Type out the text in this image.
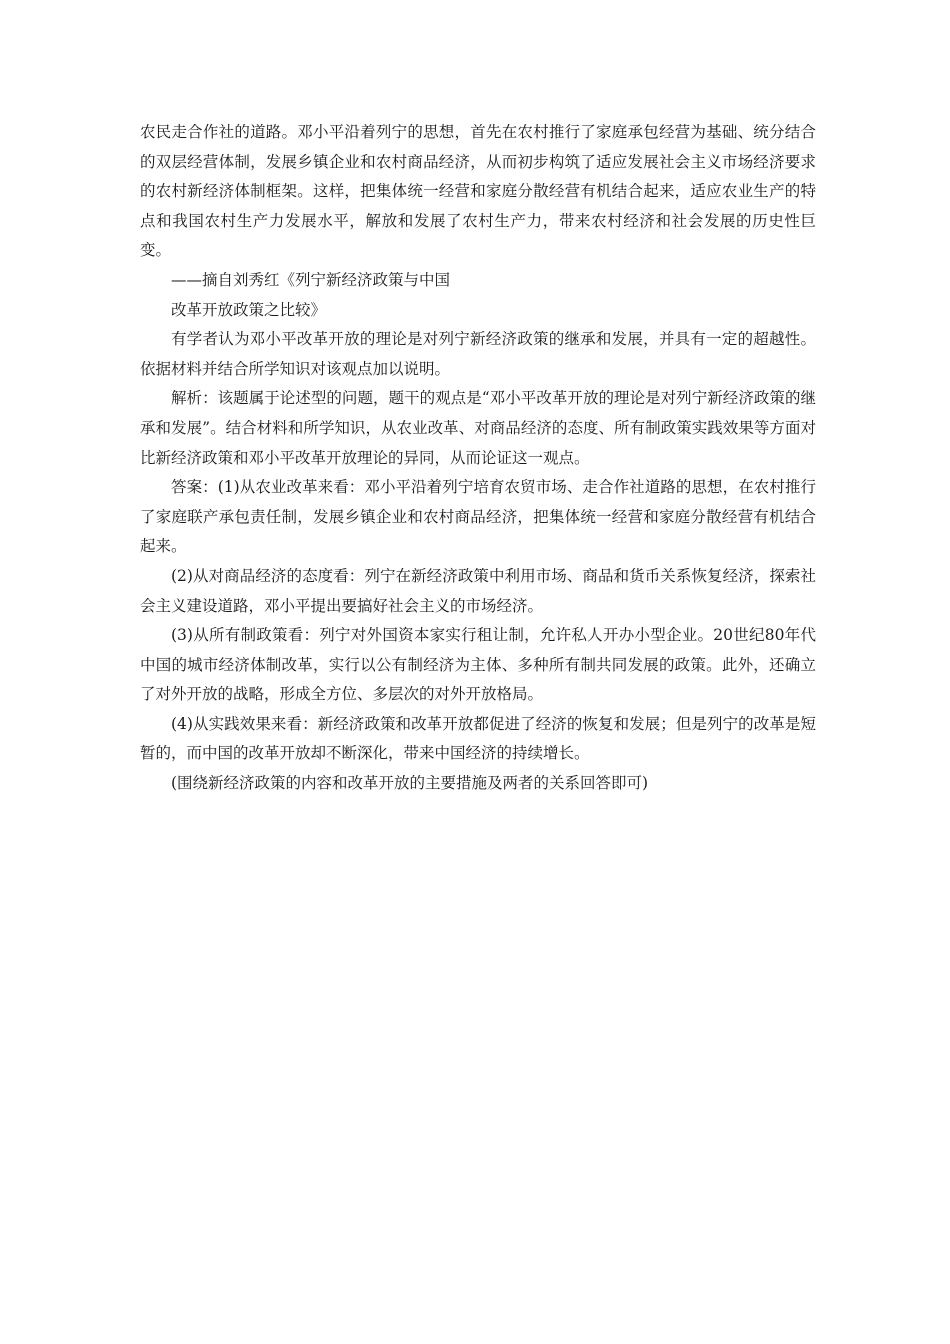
农民走合作社的道路。邓小平沿着列宁的思想，首先在农村推行了家庭承包经营为基础、统分结合的双层经营体制，发展乡镇企业和农村商品经济，从而初步构筑了适应发展社会主义市场经济要求的农村新经济体制框架。这样，把集体统一经营和家庭分散经营有机结合起来，适应农业生产的特点和我国农村生产力发展水平，解放和发展了农村生产力，带来农村经济和社会发展的历史性巨变。

——摘自刘秀红《列宁新经济政策与中国

改革开放政策之比较》

有学者认为邓小平改革开放的理论是对列宁新经济政策的继承和发展，并具有一定的超越性。依据材料并结合所学知识对该观点加以说明。

解析：该题属于论述型的问题，题干的观点是“邓小平改革开放的理论是对列宁新经济政策的继承和发展”。结合材料和所学知识，从农业改革、对商品经济的态度、所有制政策实践效果等方面对比新经济政策和邓小平改革开放理论的异同，从而论证这一观点。

答案：(1)从农业改革来看：邓小平沿着列宁培育农贸市场、走合作社道路的思想，在农村推行了家庭联产承包责任制，发展乡镇企业和农村商品经济，把集体统一经营和家庭分散经营有机结合起来。

(2)从对商品经济的态度看：列宁在新经济政策中利用市场、商品和货币关系恢复经济，探索社会主义建设道路，邓小平提出要搞好社会主义的市场经济。

(3)从所有制政策看：列宁对外国资本家实行租让制，允许私人开办小型企业。20世纪80年代中国的城市经济体制改革，实行以公有制经济为主体、多种所有制共同发展的政策。此外，还确立了对外开放的战略，形成全方位、多层次的对外开放格局。

(4)从实践效果来看：新经济政策和改革开放都促进了经济的恢复和发展；但是列宁的改革是短暂的，而中国的改革开放却不断深化，带来中国经济的持续增长。

(围绕新经济政策的内容和改革开放的主要措施及两者的关系回答即可)
